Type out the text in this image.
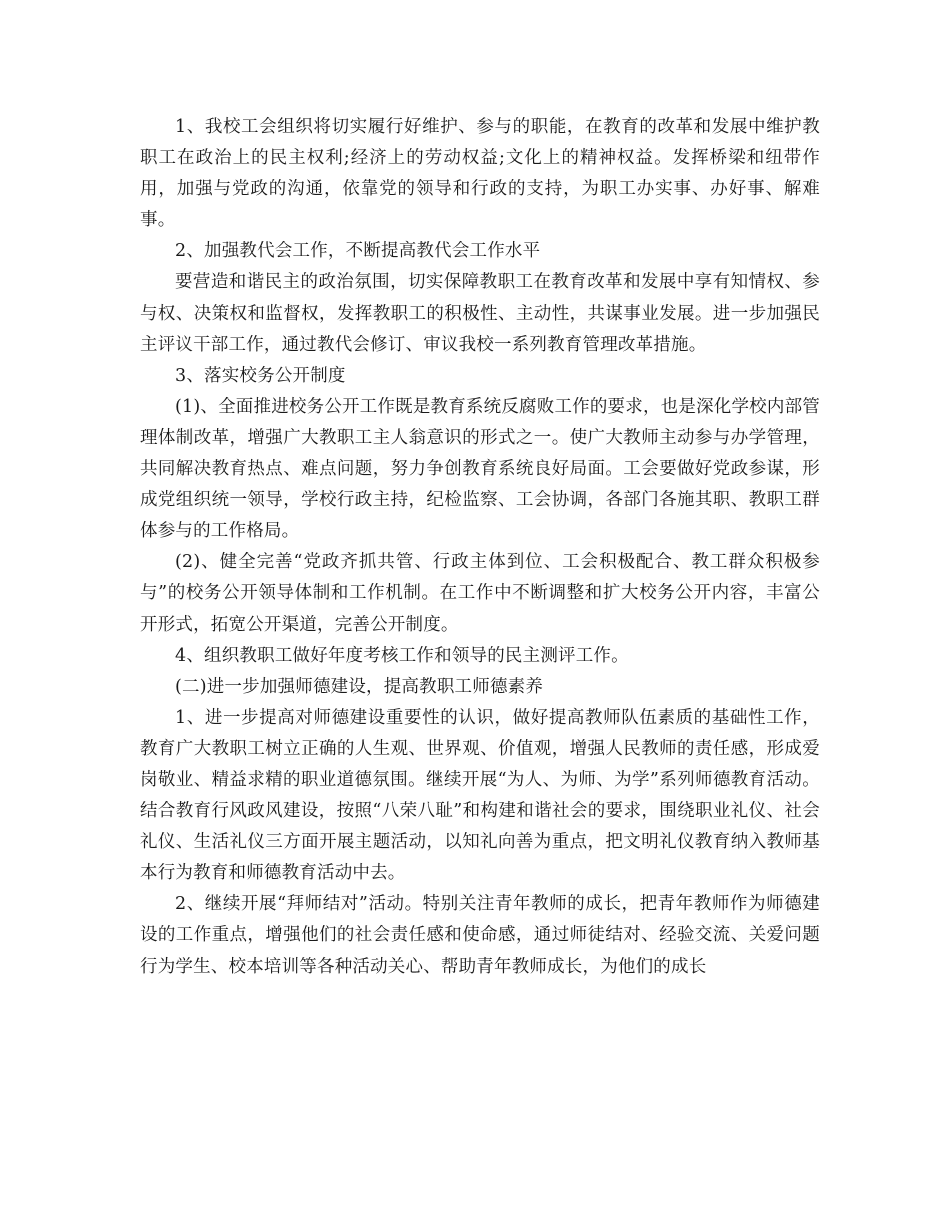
1、我校工会组织将切实履行好维护、参与的职能，在教育的改革和发展中维护教职工在政治上的民主权利;经济上的劳动权益;文化上的精神权益。发挥桥梁和纽带作用，加强与党政的沟通，依靠党的领导和行政的支持，为职工办实事、办好事、解难事。

2、加强教代会工作，不断提高教代会工作水平

要营造和谐民主的政治氛围，切实保障教职工在教育改革和发展中享有知情权、参与权、决策权和监督权，发挥教职工的积极性、主动性，共谋事业发展。进一步加强民主评议干部工作，通过教代会修订、审议我校一系列教育管理改革措施。

3、落实校务公开制度

(1)、全面推进校务公开工作既是教育系统反腐败工作的要求，也是深化学校内部管理体制改革，增强广大教职工主人翁意识的形式之一。使广大教师主动参与办学管理，共同解决教育热点、难点问题，努力争创教育系统良好局面。工会要做好党政参谋，形成党组织统一领导，学校行政主持，纪检监察、工会协调，各部门各施其职、教职工群体参与的工作格局。

(2)、健全完善“党政齐抓共管、行政主体到位、工会积极配合、教工群众积极参与”的校务公开领导体制和工作机制。在工作中不断调整和扩大校务公开内容，丰富公开形式，拓宽公开渠道，完善公开制度。

4、组织教职工做好年度考核工作和领导的民主测评工作。

(二)进一步加强师德建设，提高教职工师德素养

1、进一步提高对师德建设重要性的认识，做好提高教师队伍素质的基础性工作，教育广大教职工树立正确的人生观、世界观、价值观，增强人民教师的责任感，形成爱岗敬业、精益求精的职业道德氛围。继续开展“为人、为师、为学”系列师德教育活动。结合教育行风政风建设，按照“八荣八耻”和构建和谐社会的要求，围绕职业礼仪、社会礼仪、生活礼仪三方面开展主题活动，以知礼向善为重点，把文明礼仪教育纳入教师基本行为教育和师德教育活动中去。

2、继续开展“拜师结对”活动。特别关注青年教师的成长，把青年教师作为师德建设的工作重点，增强他们的社会责任感和使命感，通过师徒结对、经验交流、关爱问题行为学生、校本培训等各种活动关心、帮助青年教师成长，为他们的成长
